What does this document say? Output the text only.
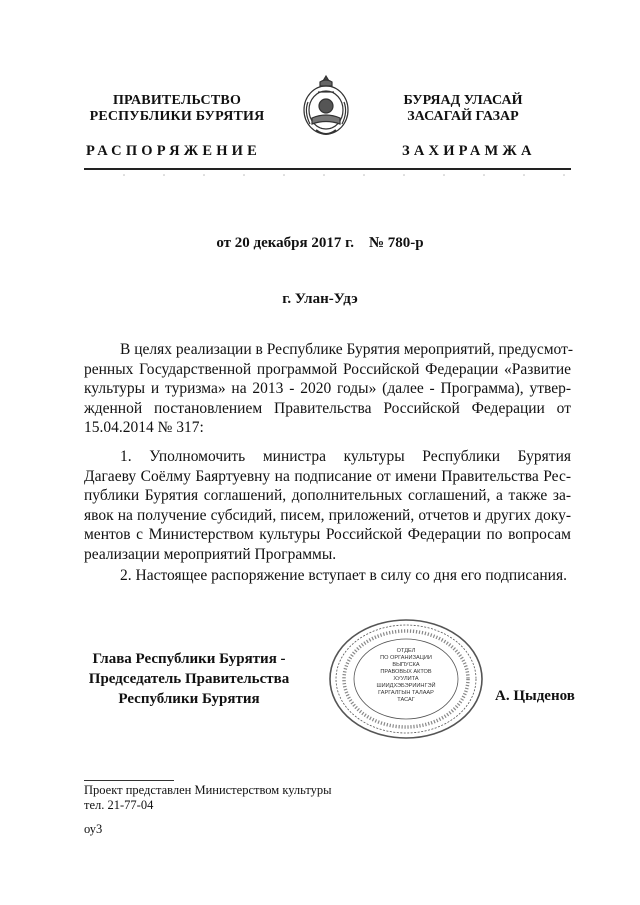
ПРАВИТЕЛЬСТВО
РЕСПУБЛИКИ БУРЯТИЯ
БУРЯАД УЛАСАЙ
ЗАСАГАЙ ГАЗАР
РАСПОРЯЖЕНИЕ	ЗАХИРАМЖА
от 20 декабря 2017 г.    № 780-р
г. Улан-Удэ
В целях реализации в Республике Бурятия мероприятий, предусмот-
ренных Государственной программой Российской Федерации «Развитие
культуры и туризма» на 2013 - 2020 годы» (далее - Программа), утвер-
жденной постановлением Правительства Российской Федерации от
15.04.2014 № 317:
1.   Уполномочить   министра   культуры   Республики   Бурятия
Дагаеву Соёлму Баяртуевну на подписание от имени Правительства Рес-
публики Бурятия соглашений, дополнительных соглашений, а также за-
явок на получение субсидий, писем, приложений, отчетов и других доку-
ментов с Министерством культуры Российской Федерации по вопросам
реализации мероприятий Программы.
2. Настоящее распоряжение вступает в силу со дня его подписания.
Глава Республики Бурятия -
Председатель Правительства
Республики Бурятия
ОТДЕЛ
ПО ОРГАНИЗАЦИИ
ВЫПУСКА
ПРАВОВЫХ АКТОВ
ХУУЛИТА
ШИИДХЭБЭРИИНГЭЙ
ГАРГАЛГЫН ТАЛААР
ТАСАГ	А. Цыденов
Проект представлен Министерством культуры
тел. 21-77-04
оу3
